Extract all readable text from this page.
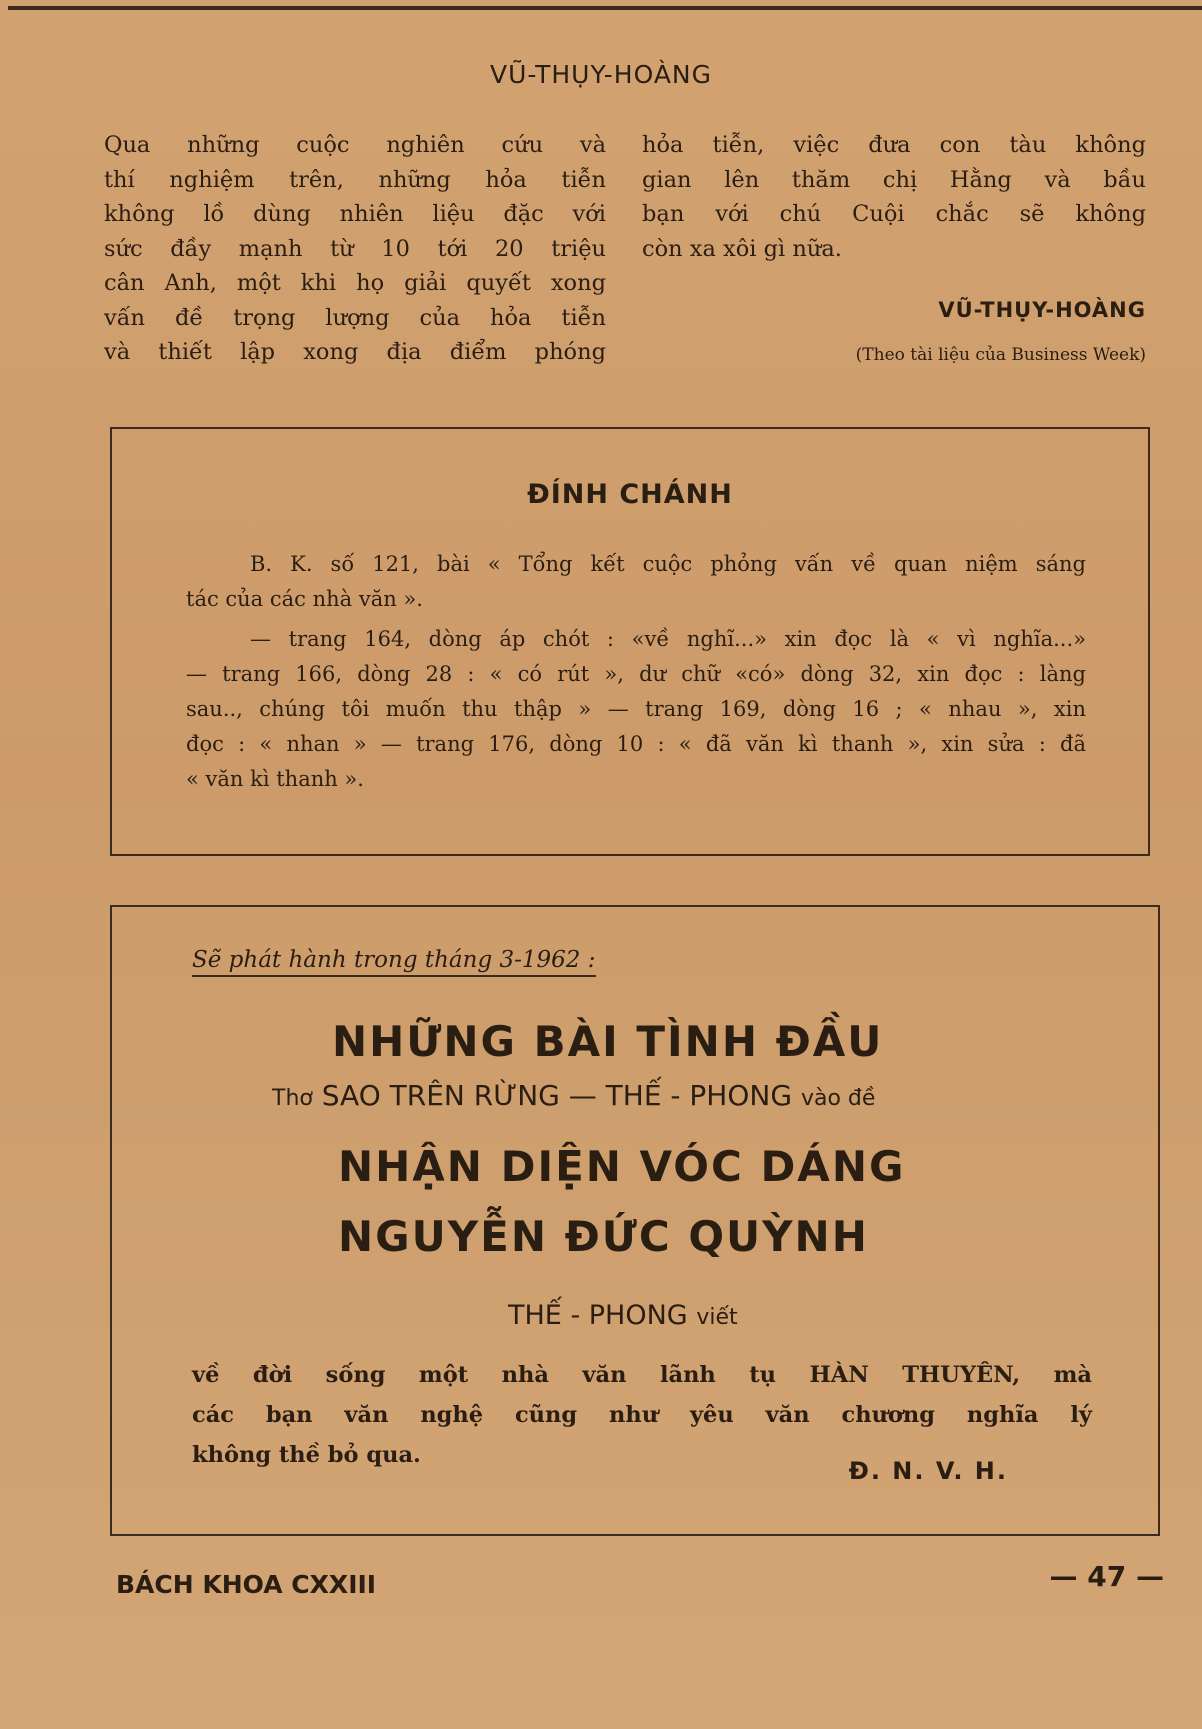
VŨ-THỤY-HOÀNG
Qua những cuộc nghiên cứu và
thí nghiệm trên, những hỏa tiễn
không lồ dùng nhiên liệu đặc với
sức đầy mạnh từ 10 tới 20 triệu
cân Anh, một khi họ giải quyết xong
vấn đề trọng lượng của hỏa tiễn
và thiết lập xong địa điểm phóng
hỏa tiễn, việc đưa con tàu không
gian lên thăm chị Hằng và bầu
bạn với chú Cuội chắc sẽ không
còn xa xôi gì nữa.
VŨ-THỤY-HOÀNG
(Theo tài liệu của Business Week)
ĐÍNH CHÁNH
B. K. số 121, bài « Tổng kết cuộc phỏng vấn về quan niệm sáng
tác của các nhà văn ».
— trang 164, dòng áp chót : «về nghĩ...» xin đọc là « vì nghĩa...»
— trang 166, dòng 28 : « có rút », dư chữ «có» dòng 32, xin đọc : làng
sau.., chúng tôi muốn thu thập » — trang 169, dòng 16 ; « nhau », xin
đọc : « nhan » — trang 176, dòng 10 : « đã văn kì thanh », xin sửa : đã
« văn kì thanh ».
Sẽ phát hành trong tháng 3-1962 :
NHỮNG BÀI TÌNH ĐẦU
Thơ SAO TRÊN RỪNG — THẾ - PHONG vào đề
NHẬN DIỆN VÓC DÁNG
NGUYỄN ĐỨC QUỲNH
THẾ - PHONG viết
về đời sống một nhà văn lãnh tụ HÀN THUYÊN, mà
các bạn văn nghệ cũng như yêu văn chương nghĩa lý
không thề bỏ qua.
Đ. N. V. H.
BÁCH KHOA CXXIII	— 47 —
